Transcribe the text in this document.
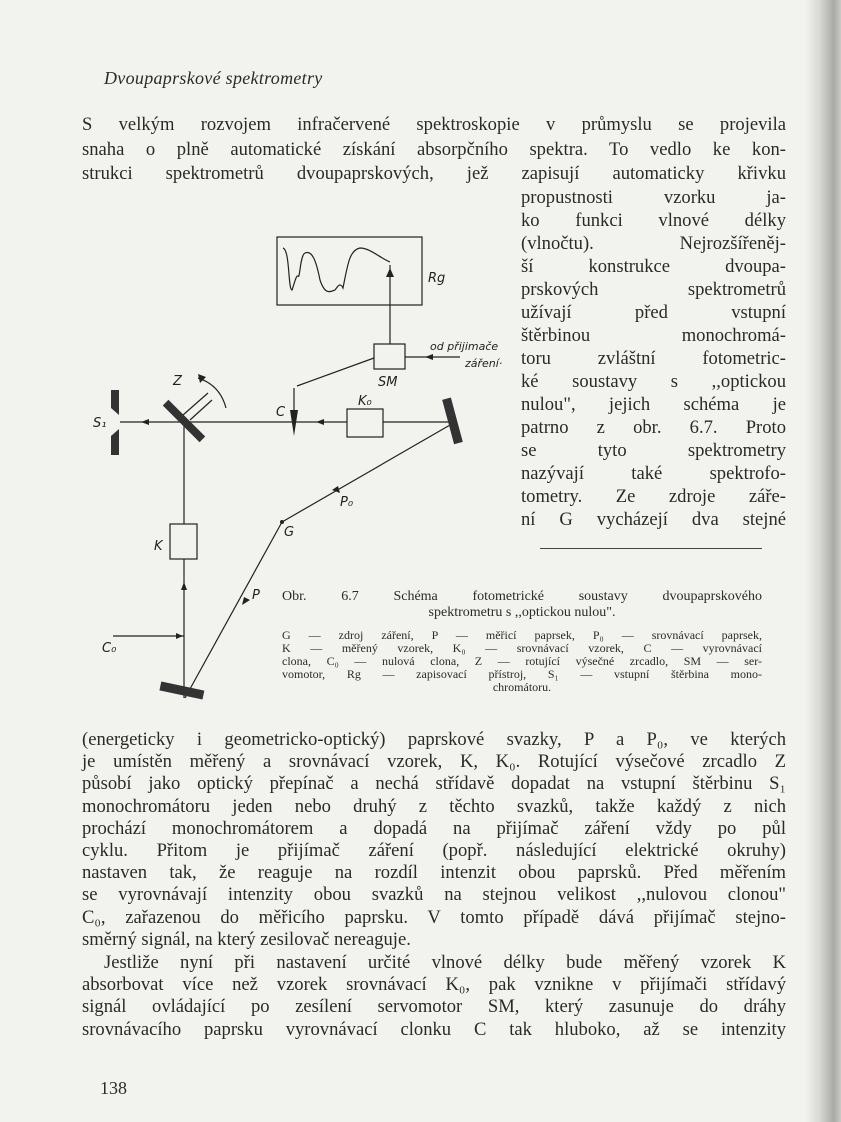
Dvoupaprskové spektrometry
S velkým rozvojem infračervené spektroskopie v průmyslu se projevila
snaha o plně automatické získání absorpčního spektra. To vedlo ke kon-
strukci spektrometrů dvoupaprskových, jež zapisují automaticky křivku
propustnosti vzorku ja-
ko funkci vlnové délky
(vlnočtu). Nejrozšířeněj-
ší konstrukce dvoupa-
prskových spektrometrů
užívají před vstupní
štěrbinou monochromá-
toru zvláštní fotometric-
ké soustavy s ,,optickou
nulou", jejich schéma je
patrno z obr. 6.7. Proto
se tyto spektrometry
nazývají také spektrofo-
tometry. Ze zdroje záře-
ní G vycházejí dva stejné
Rg
SM
od přijimače
záření·
Z
S₁
C
K₀
P₀
G
K
P
C₀
Obr. 6.7 Schéma fotometrické soustavy dvoupaprskového
spektrometru s ,,optickou nulou".
G — zdroj záření, P — měřicí paprsek, P₀ — srovnávací paprsek,
K — měřený vzorek, K₀ — srovnávací vzorek, C — vyrovnávací
clona, C₀ — nulová clona, Z — rotující výsečné zrcadlo, SM — ser-
vomotor, Rg — zapisovací přístroj, S₁ — vstupní štěrbina mono-
chromátoru.
(energeticky i geometricko-optický) paprskové svazky, P a P₀, ve kterých
je umístěn měřený a srovnávací vzorek, K, K₀. Rotující výsečové zrcadlo Z
působí jako optický přepínač a nechá střídavě dopadat na vstupní štěrbinu S₁
monochromátoru jeden nebo druhý z těchto svazků, takže každý z nich
prochází monochromátorem a dopadá na přijímač záření vždy po půl
cyklu. Přitom je přijímač záření (popř. následující elektrické okruhy)
nastaven tak, že reaguje na rozdíl intenzit obou paprsků. Před měřením
se vyrovnávají intenzity obou svazků na stejnou velikost ,,nulovou clonou"
C₀, zařazenou do měřicího paprsku. V tomto případě dává přijímač stejno-
směrný signál, na který zesilovač nereaguje.
Jestliže nyní při nastavení určité vlnové délky bude měřený vzorek K
absorbovat více než vzorek srovnávací K₀, pak vznikne v přijímači střídavý
signál ovládající po zesílení servomotor SM, který zasunuje do dráhy
srovnávacího paprsku vyrovnávací clonku C tak hluboko, až se intenzity
138
